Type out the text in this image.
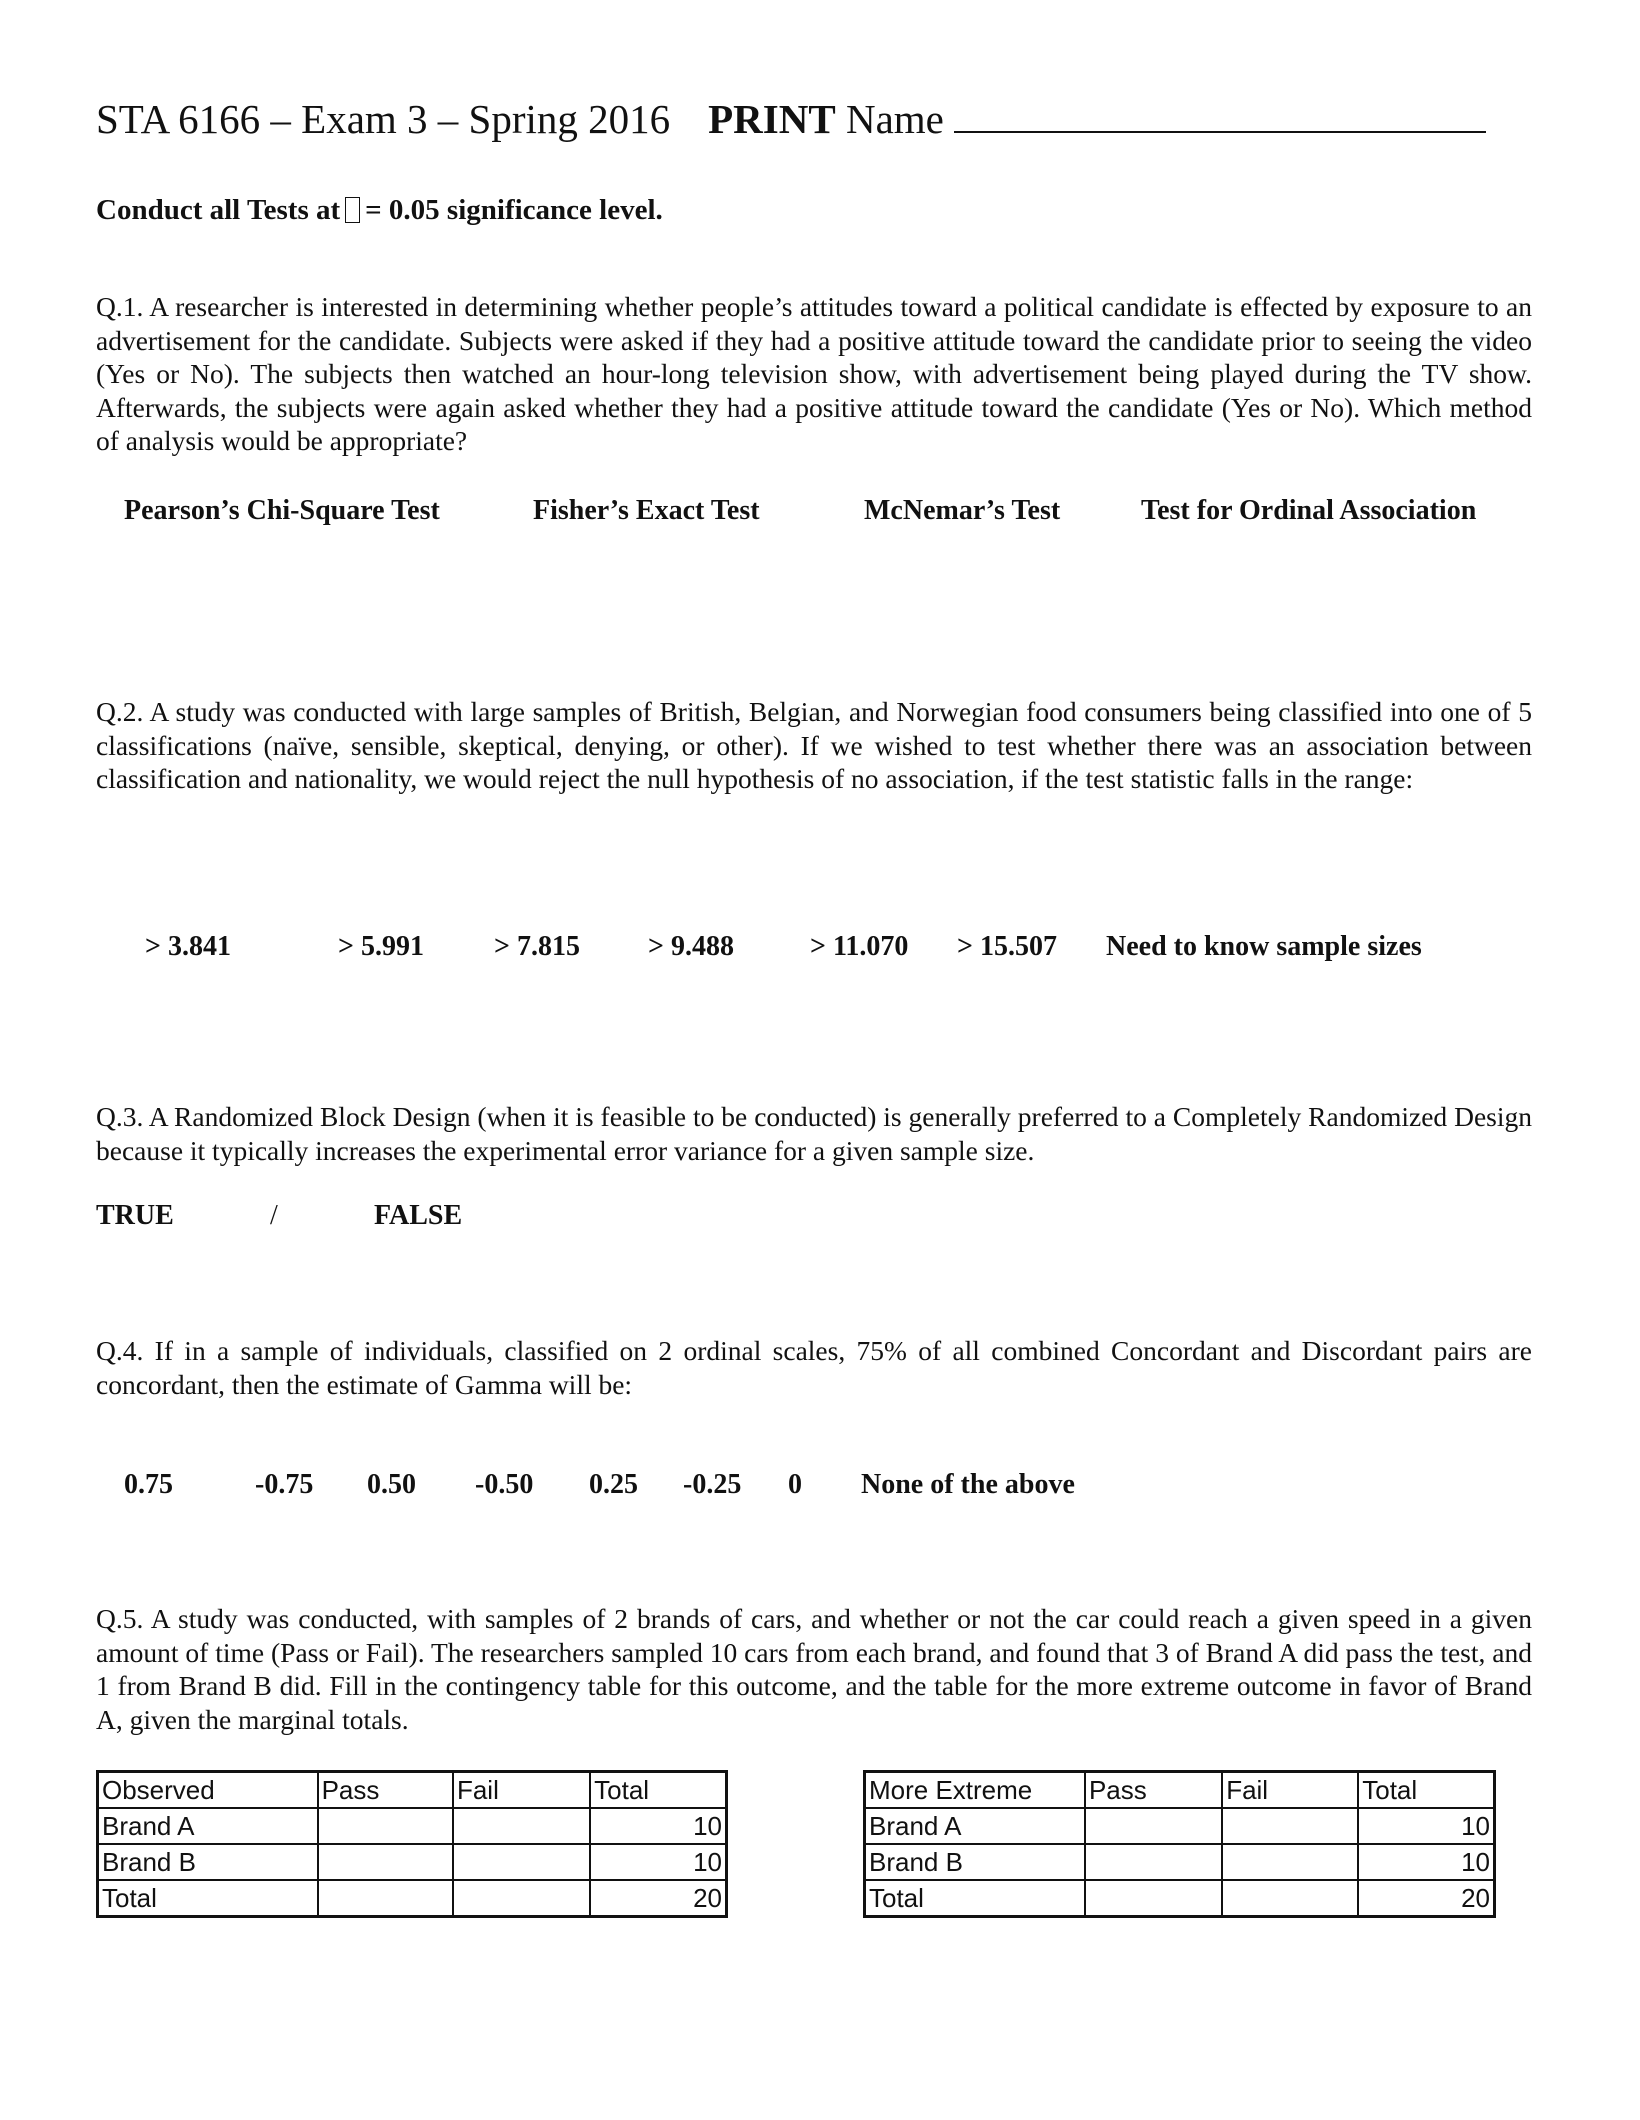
STA 6166 – Exam 3 – Spring 2016 PRINT Name
Conduct all Tests at = 0.05 significance level.
Q.1. A researcher is interested in determining whether people’s attitudes toward a political candidate is effected by exposure to an advertisement for the candidate. Subjects were asked if they had a positive attitude toward the candidate prior to seeing the video (Yes or No). The subjects then watched an hour-long television show, with advertisement being played during the TV show. Afterwards, the subjects were again asked whether they had a positive attitude toward the candidate (Yes or No). Which method of analysis would be appropriate?
Pearson’s Chi-Square Test	Fisher’s Exact Test	McNemar’s Test	Test for Ordinal Association
Q.2. A study was conducted with large samples of British, Belgian, and Norwegian food consumers being classified into one of 5 classifications (naïve, sensible, skeptical, denying, or other). If we wished to test whether there was an association between classification and nationality, we would reject the null hypothesis of no association, if the test statistic falls in the range:
> 3.841	> 5.991	> 7.815 > 9.488	> 11.070 > 15.507 Need to know sample sizes
Q.3. A Randomized Block Design (when it is feasible to be conducted) is generally preferred to a Completely Randomized Design because it typically increases the experimental error variance for a given sample size.
TRUE	/	FALSE
Q.4. If in a sample of individuals, classified on 2 ordinal scales, 75% of all combined Concordant and Discordant pairs are concordant, then the estimate of Gamma will be:
0.75	-0.75 0.50 -0.50 0.25 -0.25 0 None of the above
Q.5. A study was conducted, with samples of 2 brands of cars, and whether or not the car could reach a given speed in a given amount of time (Pass or Fail). The researchers sampled 10 cars from each brand, and found that 3 of Brand A did pass the test, and 1 from Brand B did. Fill in the contingency table for this outcome, and the table for the more extreme outcome in favor of Brand A, given the marginal totals.
Observed	Pass	Fail	Total
Brand A			10
Brand B			10
Total			20
More Extreme	Pass	Fail	Total
Brand A			10
Brand B			10
Total			20
